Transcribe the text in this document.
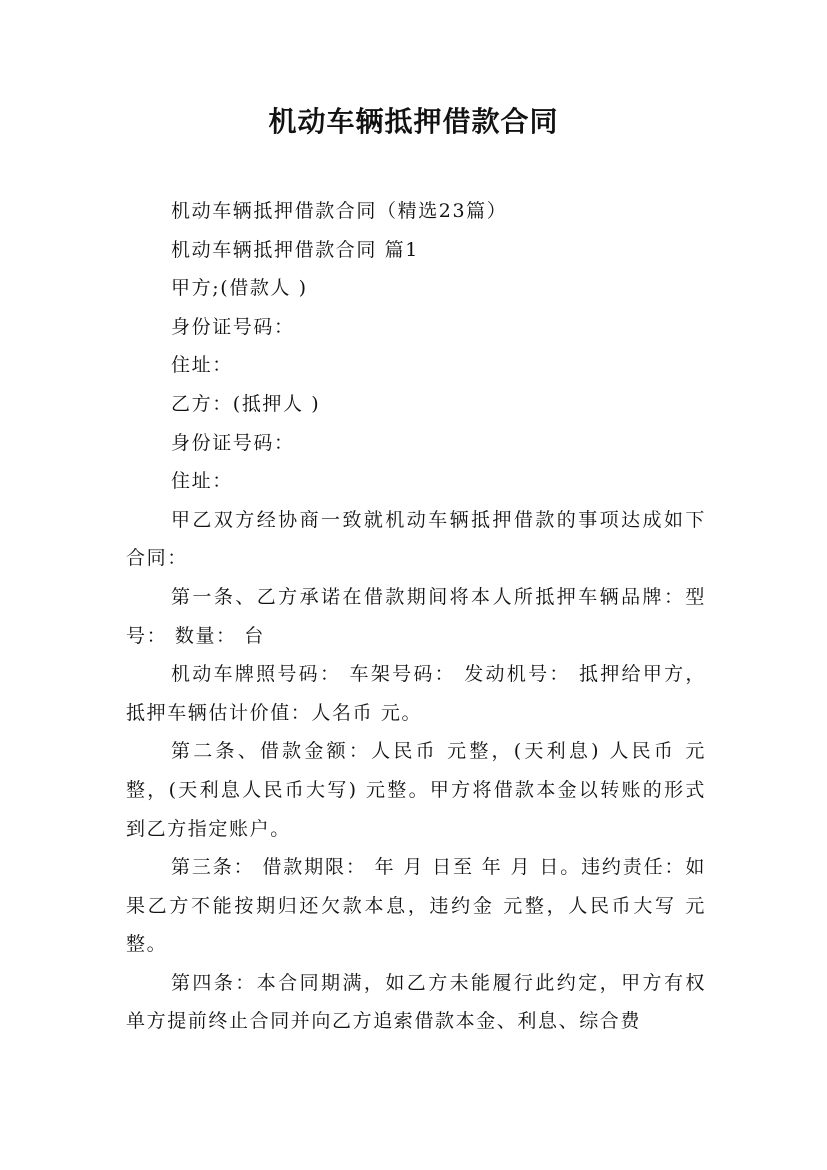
机动车辆抵押借款合同

机动车辆抵押借款合同（精选23篇）

机动车辆抵押借款合同 篇1

甲方;(借款人 )

身份证号码：

住址：

乙方：(抵押人 )

身份证号码：

住址：

甲乙双方经协商一致就机动车辆抵押借款的事项达成如下合同：

第一条、乙方承诺在借款期间将本人所抵押车辆品牌：型号： 数量： 台

机动车牌照号码： 车架号码： 发动机号： 抵押给甲方，抵押车辆估计价值：人名币 元。

第二条、借款金额：人民币 元整，(天利息) 人民币 元整，(天利息人民币大写) 元整。甲方将借款本金以转账的形式到乙方指定账户。

第三条： 借款期限： 年 月 日至 年 月 日。违约责任：如果乙方不能按期归还欠款本息，违约金 元整，人民币大写 元整。

第四条：本合同期满，如乙方未能履行此约定，甲方有权单方提前终止合同并向乙方追索借款本金、利息、综合费
